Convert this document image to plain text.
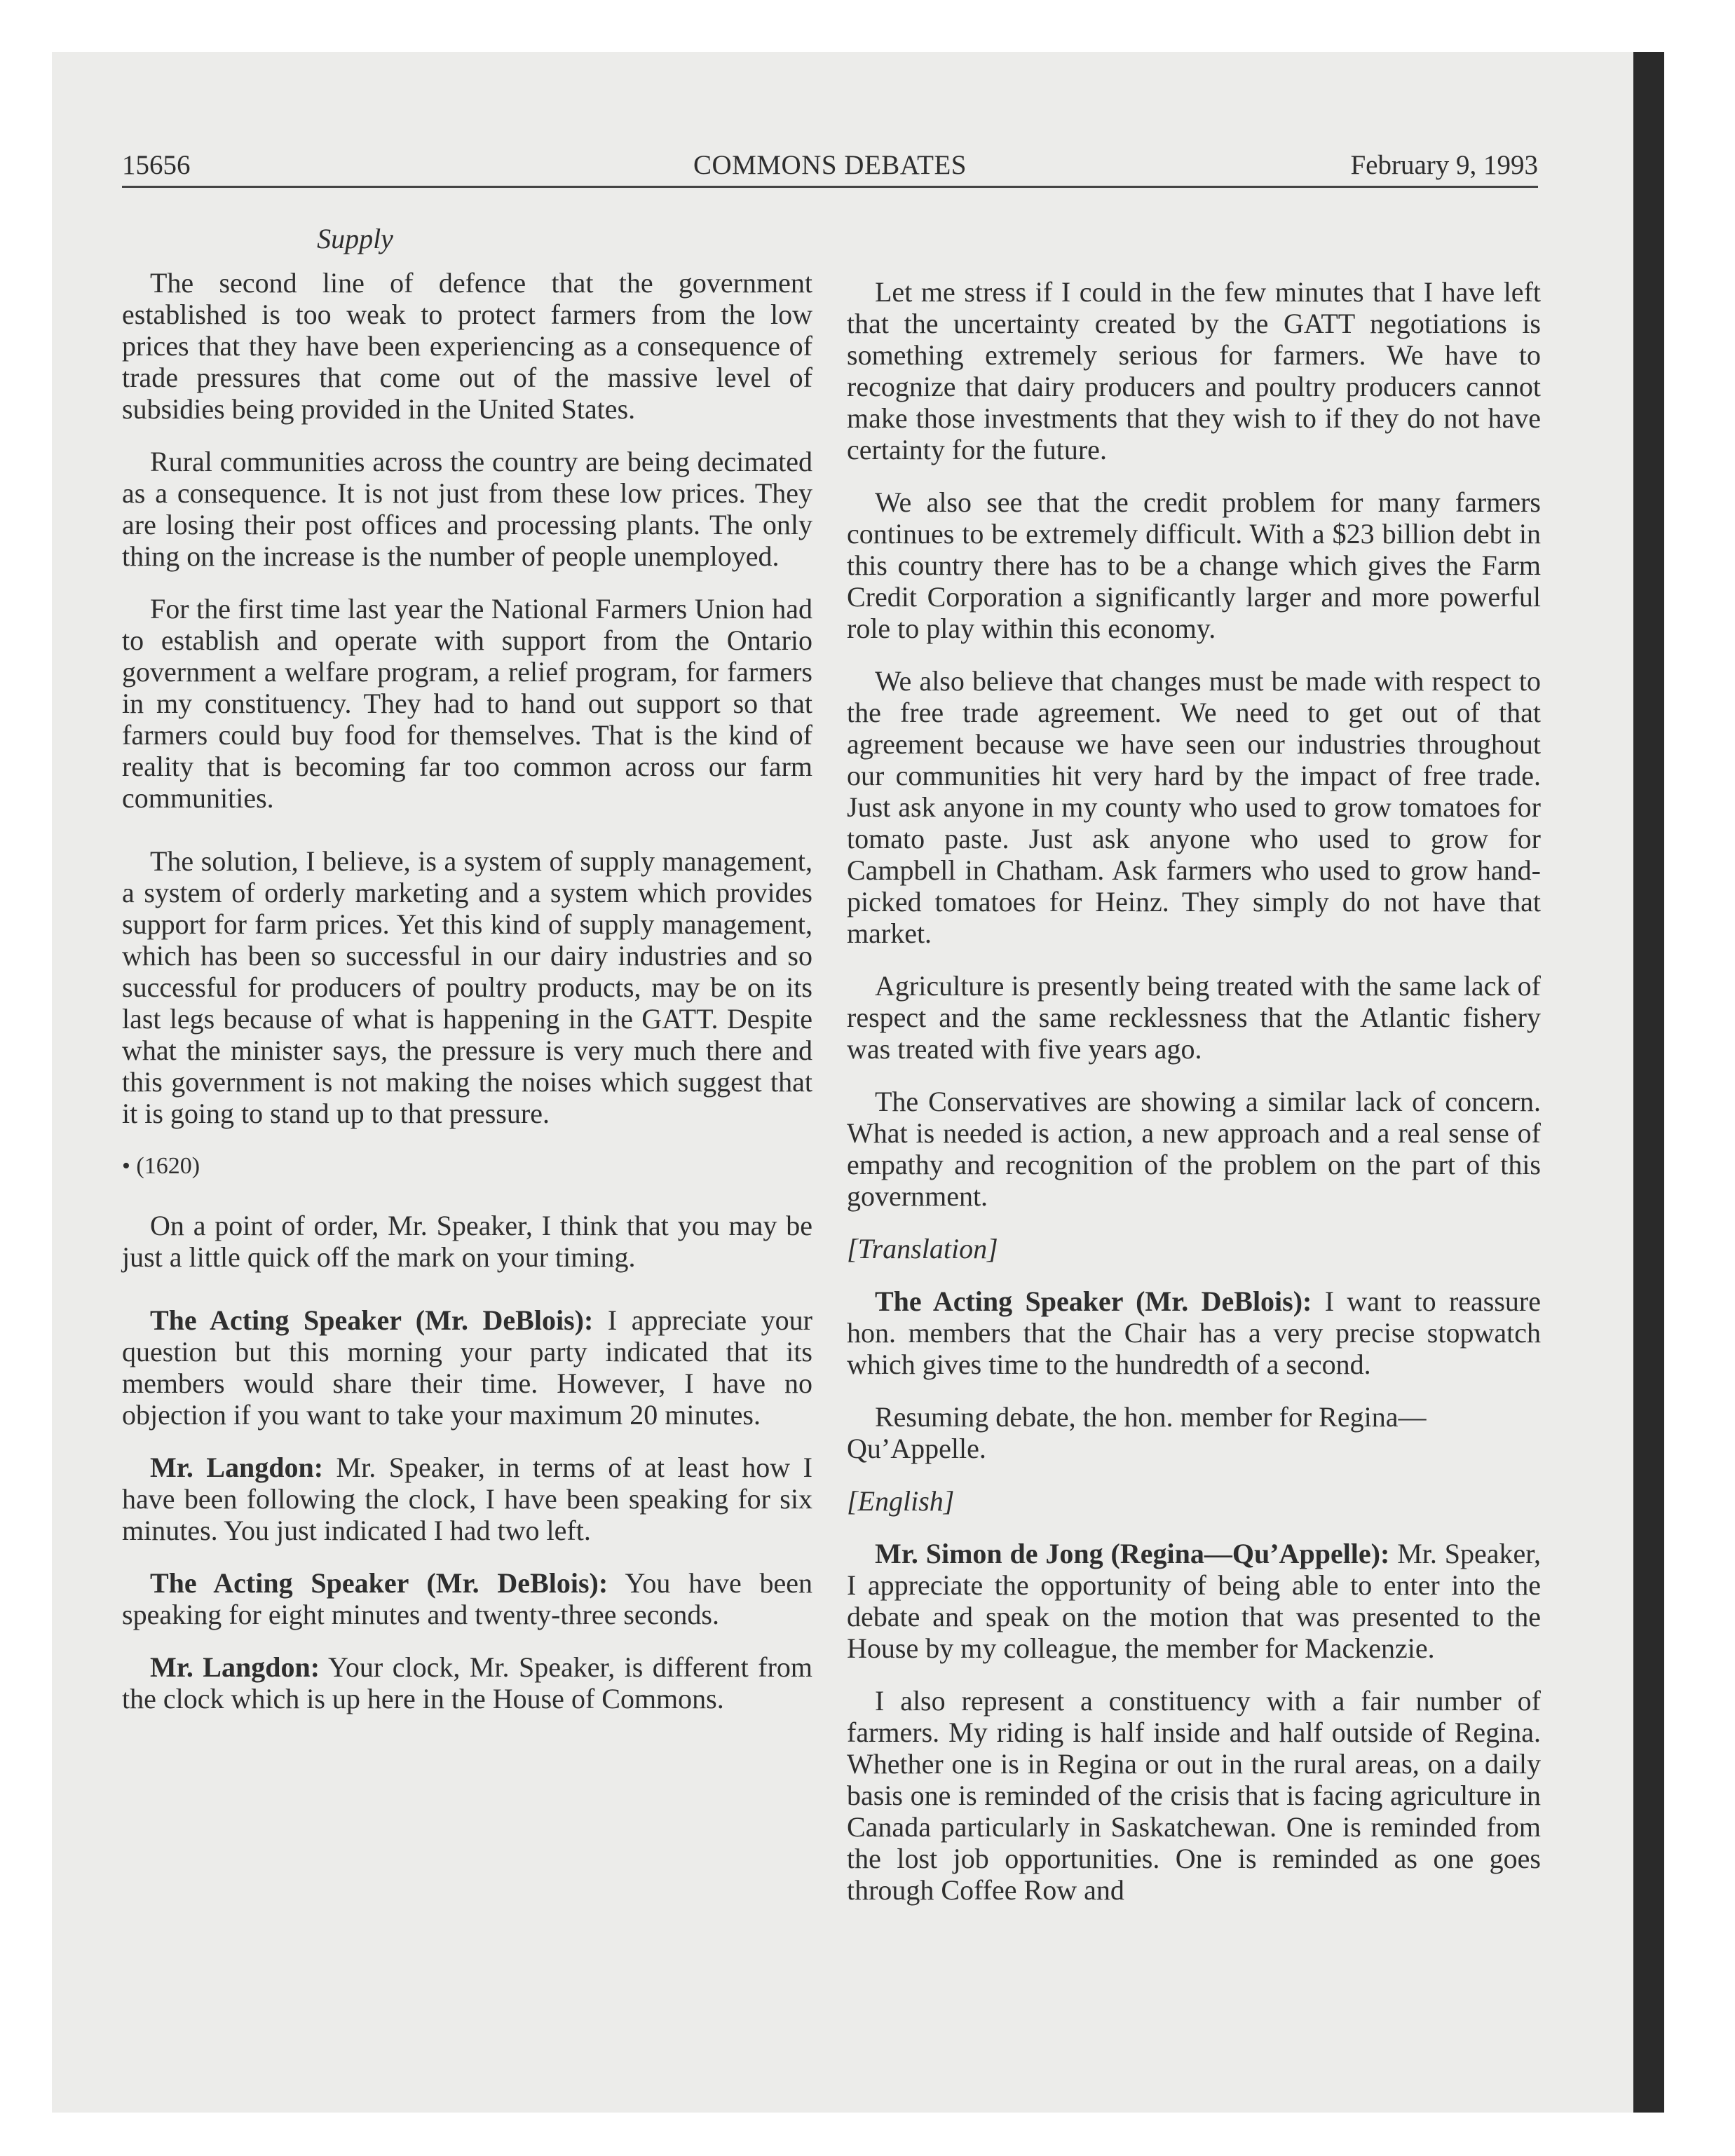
15656	COMMONS DEBATES	February 9, 1993
Supply

The second line of defence that the government established is too weak to protect farmers from the low prices that they have been experiencing as a consequence of trade pressures that come out of the massive level of subsidies being provided in the United States.

Rural communities across the country are being decimated as a consequence. It is not just from these low prices. They are losing their post offices and processing plants. The only thing on the increase is the number of people unemployed.

For the first time last year the National Farmers Union had to establish and operate with support from the Ontario government a welfare program, a relief program, for farmers in my constituency. They had to hand out support so that farmers could buy food for themselves. That is the kind of reality that is becoming far too common across our farm communities.

The solution, I believe, is a system of supply management, a system of orderly marketing and a system which provides support for farm prices. Yet this kind of supply management, which has been so successful in our dairy industries and so successful for producers of poultry products, may be on its last legs because of what is happening in the GATT. Despite what the minister says, the pressure is very much there and this government is not making the noises which suggest that it is going to stand up to that pressure.

• (1620)

On a point of order, Mr. Speaker, I think that you may be just a little quick off the mark on your timing.

The Acting Speaker (Mr. DeBlois): I appreciate your question but this morning your party indicated that its members would share their time. However, I have no objection if you want to take your maximum 20 minutes.

Mr. Langdon: Mr. Speaker, in terms of at least how I have been following the clock, I have been speaking for six minutes. You just indicated I had two left.

The Acting Speaker (Mr. DeBlois): You have been speaking for eight minutes and twenty-three seconds.

Mr. Langdon: Your clock, Mr. Speaker, is different from the clock which is up here in the House of Commons.

Let me stress if I could in the few minutes that I have left that the uncertainty created by the GATT negotiations is something extremely serious for farmers. We have to recognize that dairy producers and poultry producers cannot make those investments that they wish to if they do not have certainty for the future.

We also see that the credit problem for many farmers continues to be extremely difficult. With a $23 billion debt in this country there has to be a change which gives the Farm Credit Corporation a significantly larger and more powerful role to play within this economy.

We also believe that changes must be made with respect to the free trade agreement. We need to get out of that agreement because we have seen our industries throughout our communities hit very hard by the impact of free trade. Just ask anyone in my county who used to grow tomatoes for tomato paste. Just ask anyone who used to grow for Campbell in Chatham. Ask farmers who used to grow hand-picked tomatoes for Heinz. They simply do not have that market.

Agriculture is presently being treated with the same lack of respect and the same recklessness that the Atlantic fishery was treated with five years ago.

The Conservatives are showing a similar lack of concern. What is needed is action, a new approach and a real sense of empathy and recognition of the problem on the part of this government.

[Translation]

The Acting Speaker (Mr. DeBlois): I want to reassure hon. members that the Chair has a very precise stopwatch which gives time to the hundredth of a second.

Resuming debate, the hon. member for Regina—Qu’Appelle.

[English]

Mr. Simon de Jong (Regina—Qu’Appelle): Mr. Speaker, I appreciate the opportunity of being able to enter into the debate and speak on the motion that was presented to the House by my colleague, the member for Mackenzie.

I also represent a constituency with a fair number of farmers. My riding is half inside and half outside of Regina. Whether one is in Regina or out in the rural areas, on a daily basis one is reminded of the crisis that is facing agriculture in Canada particularly in Saskatchewan. One is reminded from the lost job opportunities. One is reminded as one goes through Coffee Row and
